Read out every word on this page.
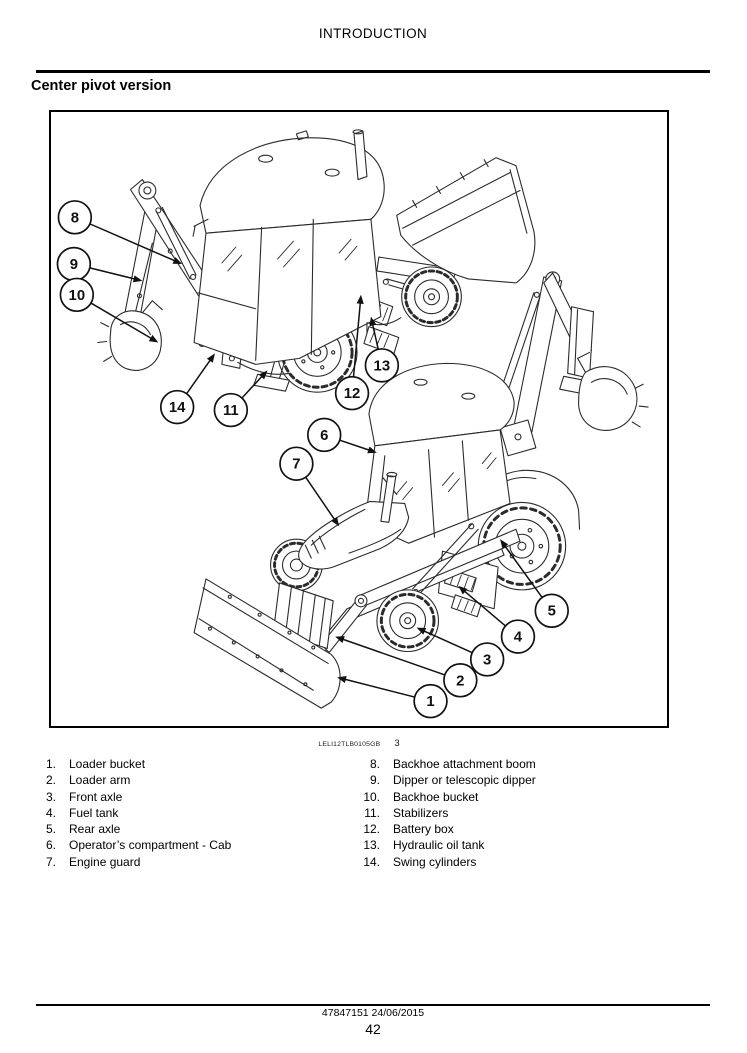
INTRODUCTION
Center pivot version
1
2
3
4
5
6
7
8
9
10
11
12
13
14
LELI12TLB0105GB 3
1. Loader bucket
2. Loader arm
3. Front axle
4. Fuel tank
5. Rear axle
6. Operator’s compartment - Cab
7. Engine guard
8. Backhoe attachment boom
9. Dipper or telescopic dipper
10. Backhoe bucket
11. Stabilizers
12. Battery box
13. Hydraulic oil tank
14. Swing cylinders
47847151 24/06/2015
42
